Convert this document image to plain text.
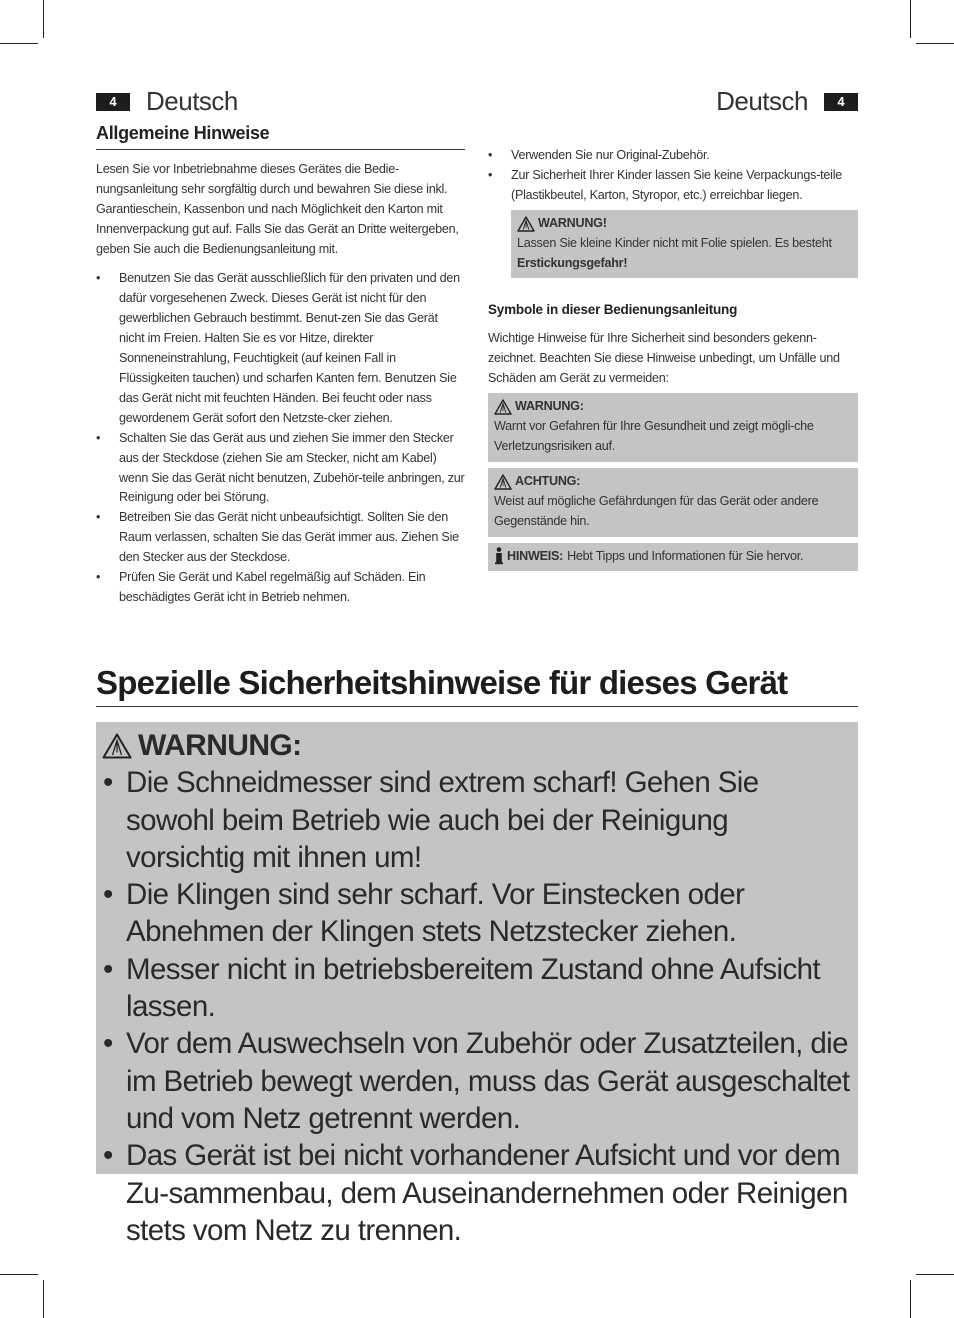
4	Deutsch	Deutsch	4
Allgemeine Hinweise

Lesen Sie vor Inbetriebnahme dieses Gerätes die Bedie-nungsanleitung sehr sorgfältig durch und bewahren Sie diese inkl. Garantieschein, Kassenbon und nach Möglichkeit den Karton mit Innenverpackung gut auf. Falls Sie das Gerät an Dritte weitergeben, geben Sie auch die Bedienungsanleitung mit.

• Benutzen Sie das Gerät ausschließlich für den privaten und den dafür vorgesehenen Zweck. Dieses Gerät ist nicht für den gewerblichen Gebrauch bestimmt. Benut-zen Sie das Gerät nicht im Freien. Halten Sie es vor Hitze, direkter Sonneneinstrahlung, Feuchtigkeit (auf keinen Fall in Flüssigkeiten tauchen) und scharfen Kanten fern. Benutzen Sie das Gerät nicht mit feuchten Händen. Bei feucht oder nass gewordenem Gerät sofort den Netzste-cker ziehen.
• Schalten Sie das Gerät aus und ziehen Sie immer den Stecker aus der Steckdose (ziehen Sie am Stecker, nicht am Kabel) wenn Sie das Gerät nicht benutzen, Zubehör-teile anbringen, zur Reinigung oder bei Störung.
• Betreiben Sie das Gerät nicht unbeaufsichtigt. Sollten Sie den Raum verlassen, schalten Sie das Gerät immer aus. Ziehen Sie den Stecker aus der Steckdose.
• Prüfen Sie Gerät und Kabel regelmäßig auf Schäden. Ein beschädigtes Gerät icht in Betrieb nehmen.
• Verwenden Sie nur Original-Zubehör.
• Zur Sicherheit Ihrer Kinder lassen Sie keine Verpackungs-teile (Plastikbeutel, Karton, Styropor, etc.) erreichbar liegen.
WARNUNG!
Lassen Sie kleine Kinder nicht mit Folie spielen. Es besteht Erstickungsgefahr!
Symbole in dieser Bedienungsanleitung

Wichtige Hinweise für Ihre Sicherheit sind besonders gekenn-zeichnet. Beachten Sie diese Hinweise unbedingt, um Unfälle und Schäden am Gerät zu vermeiden:

WARNUNG:
Warnt vor Gefahren für Ihre Gesundheit und zeigt mögli-che Verletzungsrisiken auf.
ACHTUNG:
Weist auf mögliche Gefährdungen für das Gerät oder andere Gegenstände hin.
HINWEIS: Hebt Tipps und Informationen für Sie hervor.
Spezielle Sicherheitshinweise für dieses Gerät
WARNUNG:
• Die Schneidmesser sind extrem scharf! Gehen Sie sowohl beim Betrieb wie auch bei der Reinigung vorsichtig mit ihnen um!
• Die Klingen sind sehr scharf. Vor Einstecken oder Abnehmen der Klingen stets Netzstecker ziehen.
• Messer nicht in betriebsbereitem Zustand ohne Aufsicht lassen.
• Vor dem Auswechseln von Zubehör oder Zusatzteilen, die im Betrieb bewegt werden, muss das Gerät ausgeschaltet und vom Netz getrennt werden.
• Das Gerät ist bei nicht vorhandener Aufsicht und vor dem Zu-sammenbau, dem Auseinandernehmen oder Reinigen stets vom Netz zu trennen.
